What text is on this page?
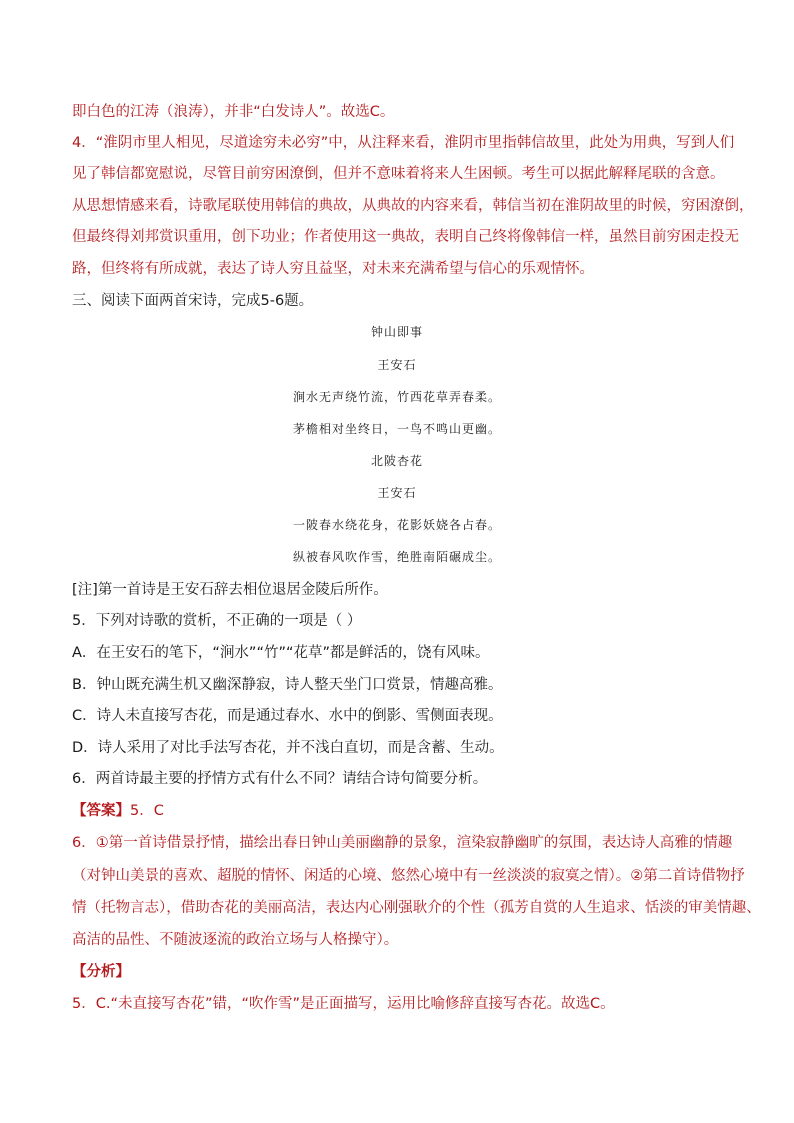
即白色的江涛（浪涛），并非“白发诗人”。故选C。

4．“淮阴市里人相见，尽道途穷未必穷”中，从注释来看，淮阴市里指韩信故里，此处为用典，写到人们

见了韩信都宽慰说，尽管目前穷困潦倒，但并不意味着将来人生困顿。考生可以据此解释尾联的含意。

从思想情感来看，诗歌尾联使用韩信的典故，从典故的内容来看，韩信当初在淮阴故里的时候，穷困潦倒，

但最终得刘邦赏识重用，创下功业；作者使用这一典故，表明自己终将像韩信一样，虽然目前穷困走投无

路，但终将有所成就，表达了诗人穷且益坚，对未来充满希望与信心的乐观情怀。

三、阅读下面两首宋诗，完成5-6题。

钟山即事

王安石

涧水无声绕竹流，竹西花草弄春柔。

茅檐相对坐终日，一鸟不鸣山更幽。

北陂杏花

王安石

一陂春水绕花身，花影妖娆各占春。

纵被春风吹作雪，绝胜南陌碾成尘。

[注]第一首诗是王安石辞去相位退居金陵后所作。

5．下列对诗歌的赏析，不正确的一项是（ ）

A．在王安石的笔下，“涧水”“竹”“花草”都是鲜活的，饶有风味。

B．钟山既充满生机又幽深静寂，诗人整天坐门口赏景，情趣高雅。

C．诗人未直接写杏花，而是通过春水、水中的倒影、雪侧面表现。

D．诗人采用了对比手法写杏花，并不浅白直切，而是含蓄、生动。

6．两首诗最主要的抒情方式有什么不同？请结合诗句简要分析。

【答案】5．C

6．①第一首诗借景抒情，描绘出春日钟山美丽幽静的景象，渲染寂静幽旷的氛围，表达诗人高雅的情趣

（对钟山美景的喜欢、超脱的情怀、闲适的心境、悠然心境中有一丝淡淡的寂寞之情）。②第二首诗借物抒

情（托物言志），借助杏花的美丽高洁，表达内心刚强耿介的个性（孤芳自赏的人生追求、恬淡的审美情趣、

高洁的品性、不随波逐流的政治立场与人格操守）。

【分析】

5．C.“未直接写杏花”错，“吹作雪”是正面描写，运用比喻修辞直接写杏花。故选C。
